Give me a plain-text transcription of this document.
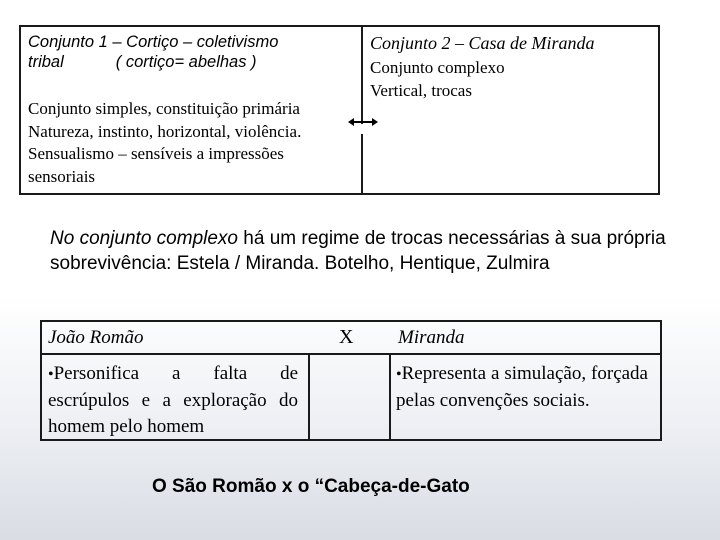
Conjunto 1 – Cortiço – coletivismo
tribal	( cortiço= abelhas )
Conjunto simples, constituição primária
Natureza, instinto, horizontal, violência.
Sensualismo – sensíveis a impressões
sensoriais
Conjunto 2 – Casa de Miranda
Conjunto complexo
Vertical, trocas
No conjunto complexo há um regime de trocas necessárias à sua própria sobrevivência: Estela / Miranda. Botelho, Hentique, Zulmira
João Romão	X Miranda
•Personifica a falta de escrúpulos e a exploração do homem pelo homem
•Representa a simulação, forçada pelas convenções sociais.
O São Romão x o “Cabeça-de-Gato
